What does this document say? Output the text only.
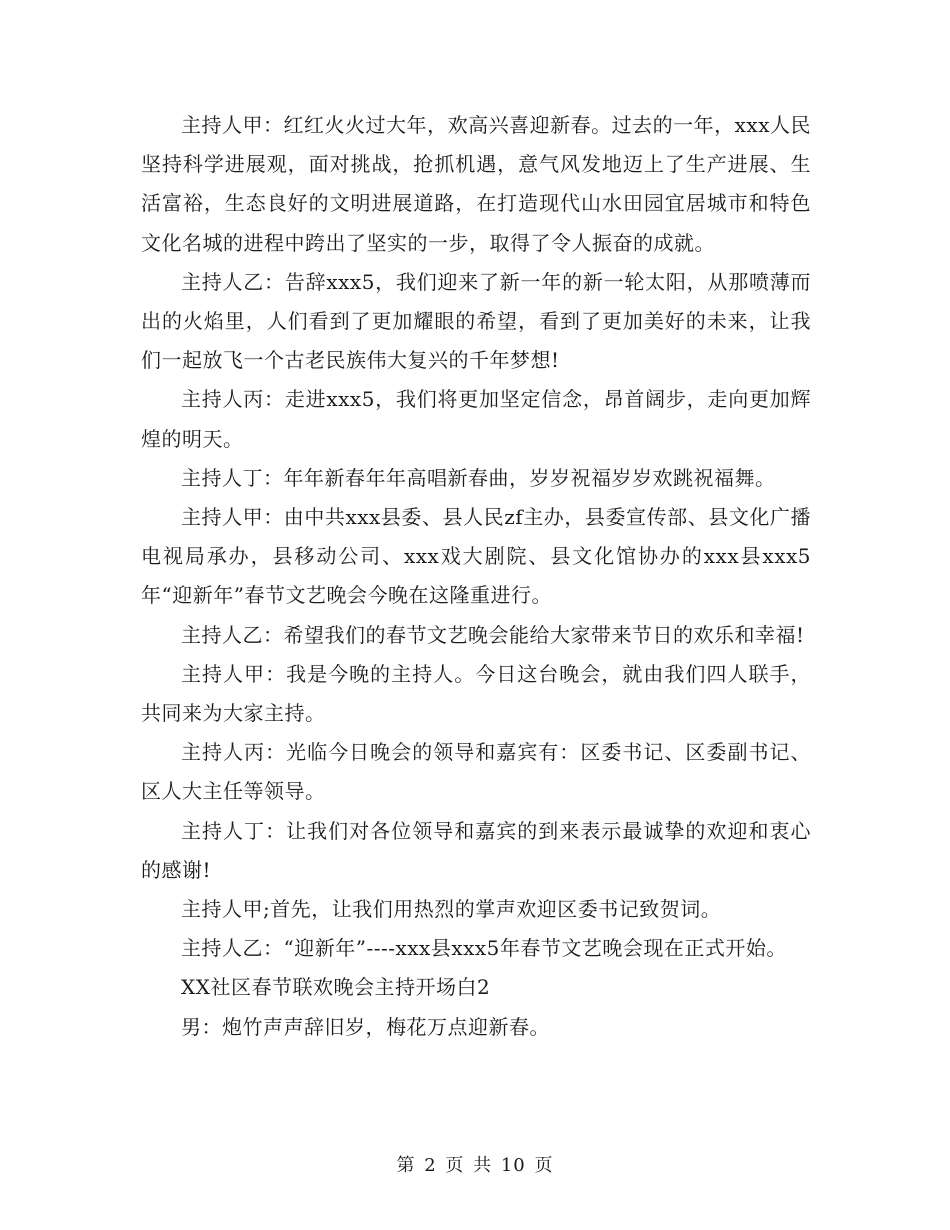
主持人甲：红红火火过大年，欢高兴喜迎新春。过去的一年，xxx人民坚持科学进展观，面对挑战，抢抓机遇，意气风发地迈上了生产进展、生活富裕，生态良好的文明进展道路，在打造现代山水田园宜居城市和特色文化名城的进程中跨出了坚实的一步，取得了令人振奋的成就。

主持人乙：告辞xxx5，我们迎来了新一年的新一轮太阳，从那喷薄而出的火焰里，人们看到了更加耀眼的希望，看到了更加美好的未来，让我们一起放飞一个古老民族伟大复兴的千年梦想!

主持人丙：走进xxx5，我们将更加坚定信念，昂首阔步，走向更加辉煌的明天。

主持人丁：年年新春年年高唱新春曲，岁岁祝福岁岁欢跳祝福舞。

主持人甲：由中共xxx县委、县人民zf主办，县委宣传部、县文化广播电视局承办，县移动公司、xxx戏大剧院、县文化馆协办的xxx县xxx5年“迎新年”春节文艺晚会今晚在这隆重进行。

主持人乙：希望我们的春节文艺晚会能给大家带来节日的欢乐和幸福!

主持人甲：我是今晚的主持人。今日这台晚会，就由我们四人联手，共同来为大家主持。

主持人丙：光临今日晚会的领导和嘉宾有：区委书记、区委副书记、区人大主任等领导。

主持人丁：让我们对各位领导和嘉宾的到来表示最诚挚的欢迎和衷心的感谢!

主持人甲;首先，让我们用热烈的掌声欢迎区委书记致贺词。

主持人乙：“迎新年”----xxx县xxx5年春节文艺晚会现在正式开始。

XX社区春节联欢晚会主持开场白2

男：炮竹声声辞旧岁，梅花万点迎新春。

第 2 页 共 10 页
